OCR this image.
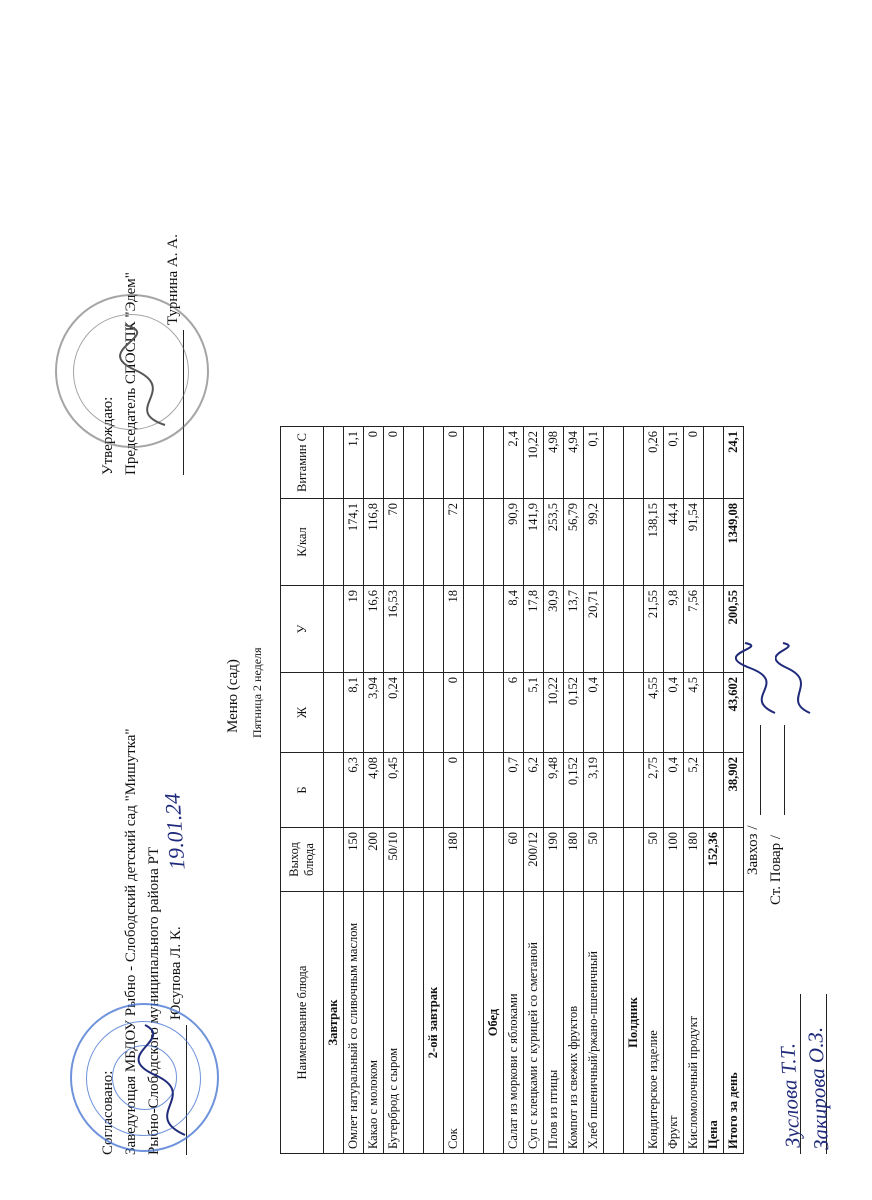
Согласовано: Заведующая МБДОУ Рыбно - Слободский детский сад "Мишутка" Рыбно-Слободского муниципального района РТ Юсупова Л. К.
19.01.24
Утверждаю: Председатель СПОСПК "Эдем" Турнина А. А.
Меню (сад) Пятница 2 неделя
Наименование блюда	Выход блюда	Б	Ж	У	К/кал	Витамин С
Завтрак						
Омлет натуральный со сливочным маслом	150	6,3	8,1	19	174,1	1,1
Какао с молоком	200	4,08	3,94	16,6	116,8	0
Бутерброд с сыром	50/10	0,45	0,24	16,53	70	0

2-ой завтрак						
Сок	180	0	0	18	72	0

Обед						
Салат из моркови с яблоками	60	0,7	6	8,4	90,9	2,4
Суп с клецками с курицей со сметаной	200/12	6,2	5,1	17,8	141,9	10,22
Плов из птицы	190	9,48	10,22	30,9	253,5	4,98
Компот из свежих фруктов	180	0,152	0,152	13,7	56,79	4,94
Хлеб пшеничный/ржано-пшеничный	50	3,19	0,4	20,71	99,2	0,1

Полдник						
Кондитерское изделие	50	2,75	4,55	21,55	138,15	0,26
Фрукт	100	0,4	0,4	9,8	44,4	0,1
Кисломолочный продукт	180	5,2	4,5	7,56	91,54	0
Цена	152,36					
Итого за день		38,902	43,602	200,55	1349,08	24,1
Зуслова Т.Т.
Закирова О.З.
Завхоз / Ст. Повар /
